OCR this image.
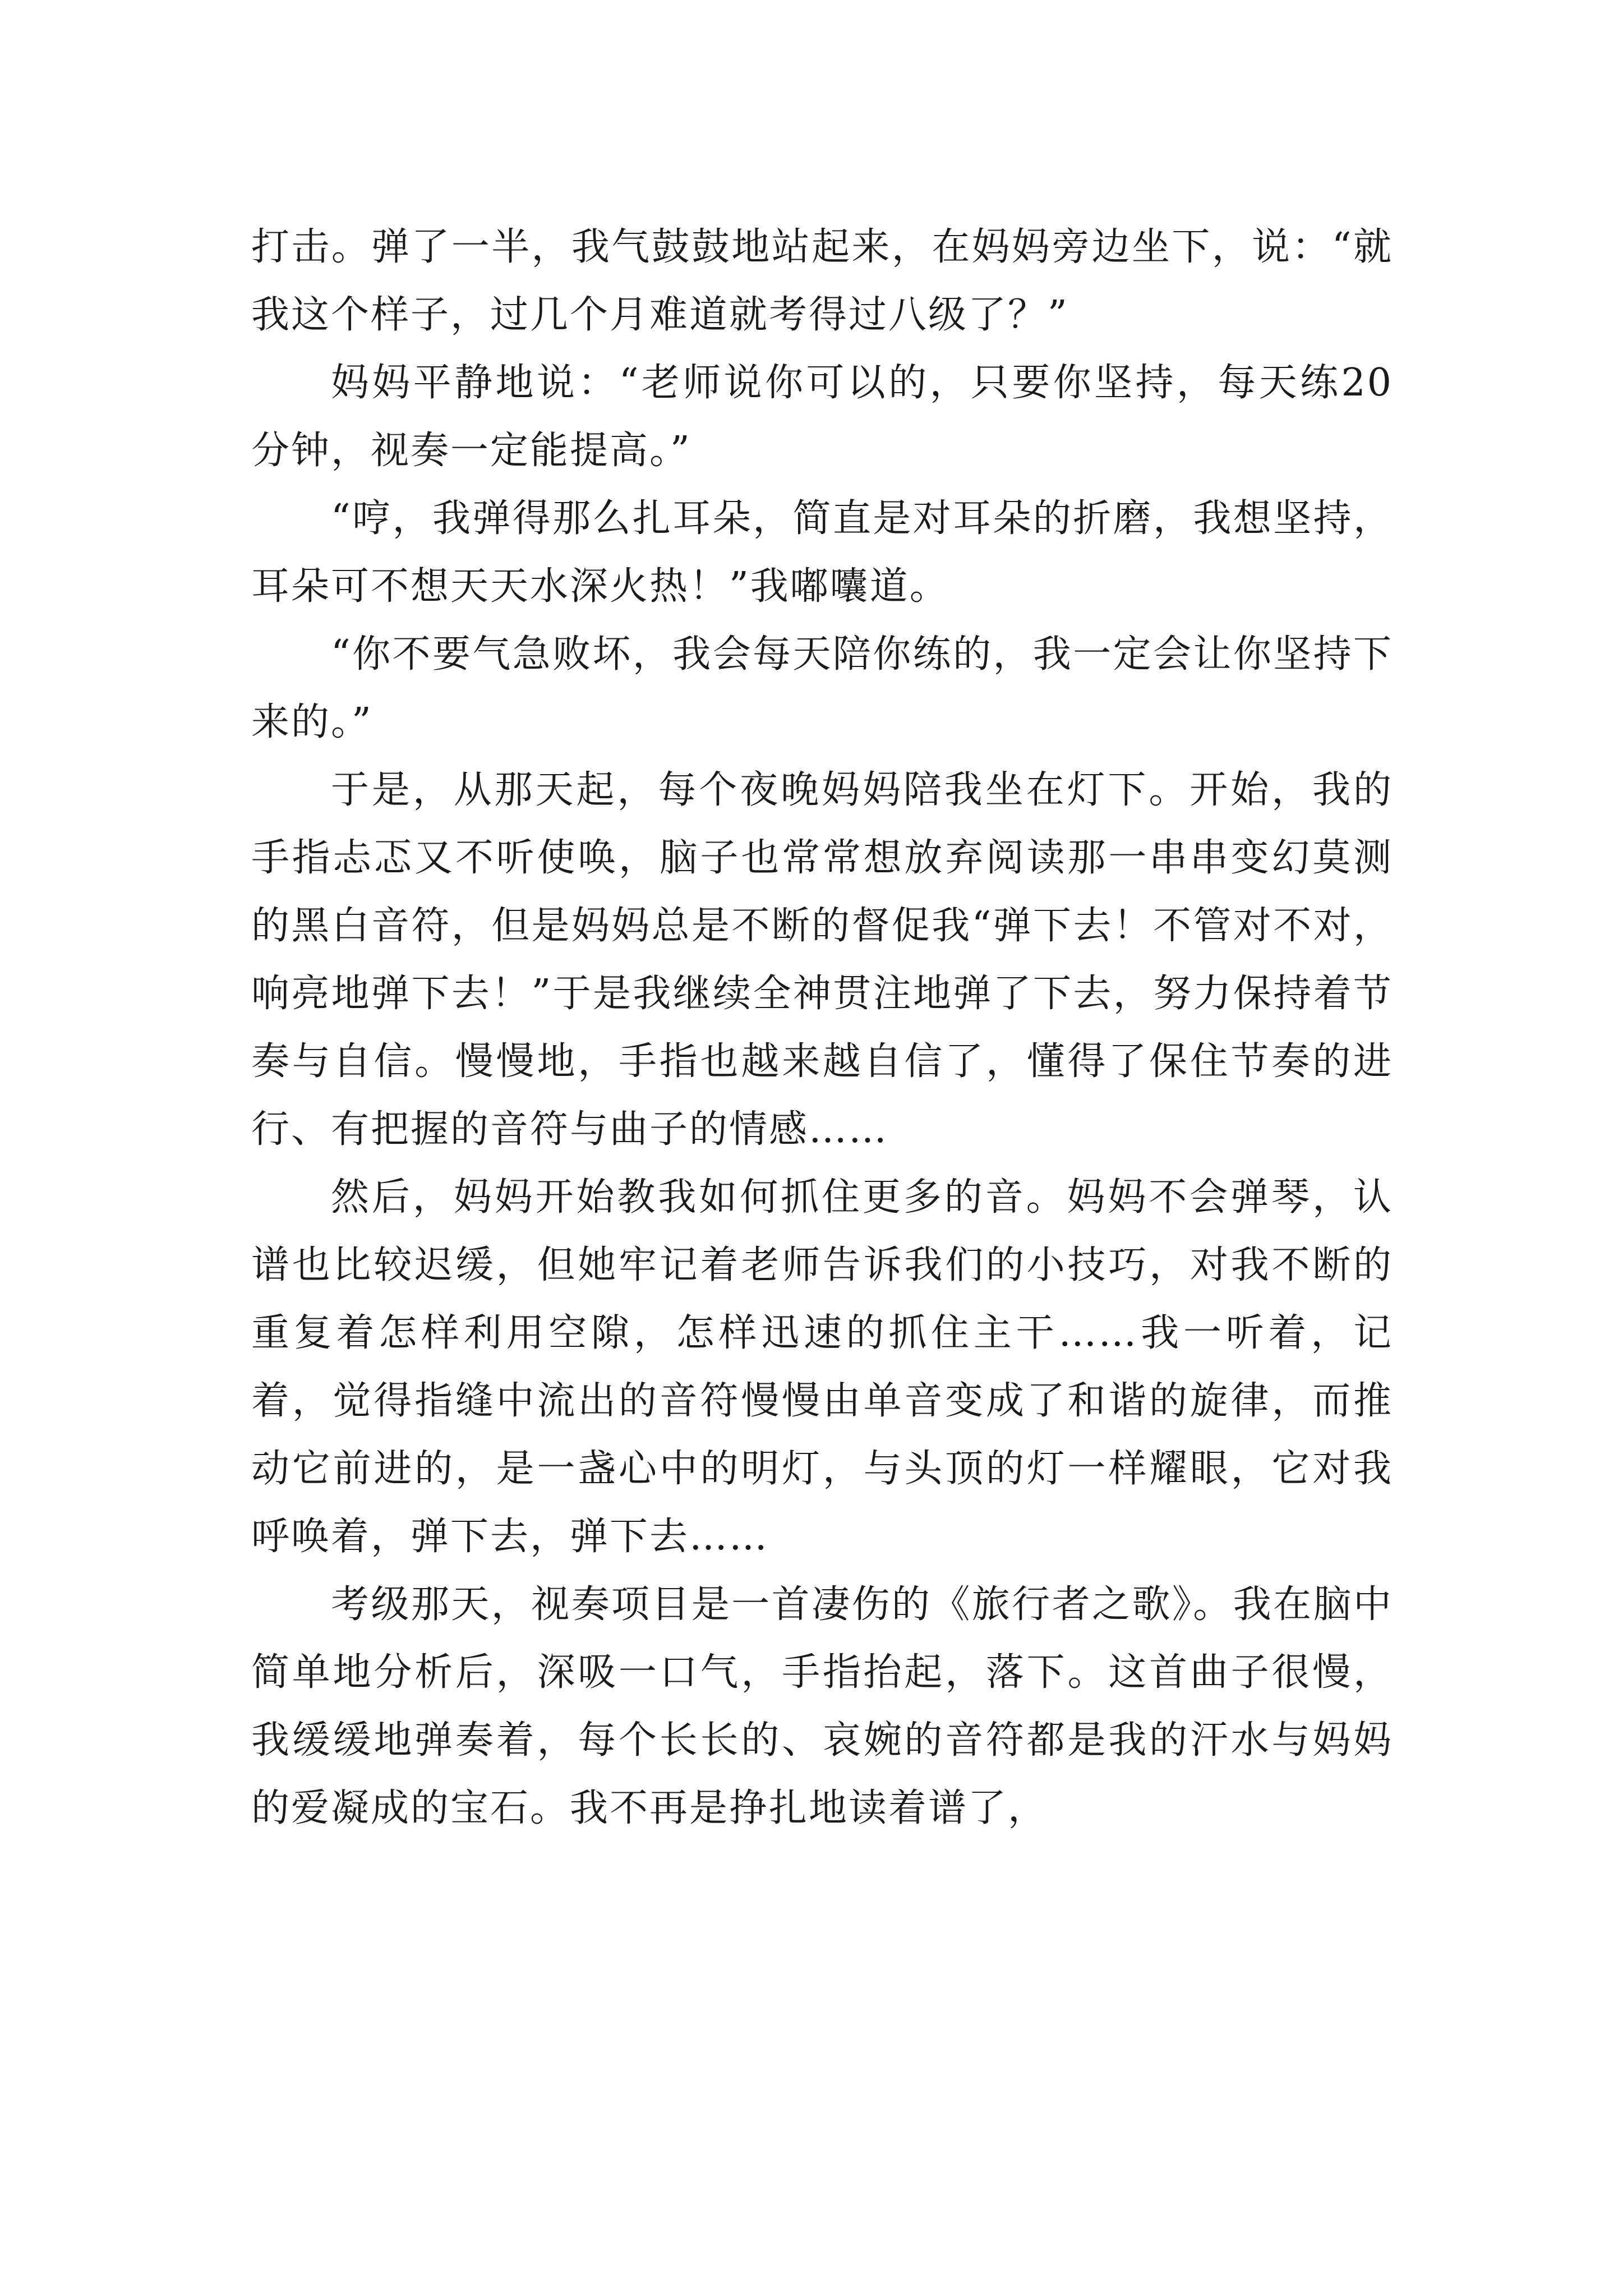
打击。弹了一半，我气鼓鼓地站起来，在妈妈旁边坐下，说：“就我这个样子，过几个月难道就考得过八级了？”

妈妈平静地说：“老师说你可以的，只要你坚持，每天练20分钟，视奏一定能提高。”

“哼，我弹得那么扎耳朵，简直是对耳朵的折磨，我想坚持，耳朵可不想天天水深火热！”我嘟囔道。

“你不要气急败坏，我会每天陪你练的，我一定会让你坚持下来的。”

于是，从那天起，每个夜晚妈妈陪我坐在灯下。开始，我的手指忐忑又不听使唤，脑子也常常想放弃阅读那一串串变幻莫测的黑白音符，但是妈妈总是不断的督促我“弹下去！不管对不对，响亮地弹下去！”于是我继续全神贯注地弹了下去，努力保持着节奏与自信。慢慢地，手指也越来越自信了，懂得了保住节奏的进行、有把握的音符与曲子的情感……

然后，妈妈开始教我如何抓住更多的音。妈妈不会弹琴，认谱也比较迟缓，但她牢记着老师告诉我们的小技巧，对我不断的重复着怎样利用空隙，怎样迅速的抓住主干……我一听着，记着，觉得指缝中流出的音符慢慢由单音变成了和谐的旋律，而推动它前进的，是一盏心中的明灯，与头顶的灯一样耀眼，它对我呼唤着，弹下去，弹下去……

考级那天，视奏项目是一首凄伤的《旅行者之歌》。我在脑中简单地分析后，深吸一口气，手指抬起，落下。这首曲子很慢，我缓缓地弹奏着，每个长长的、哀婉的音符都是我的汗水与妈妈的爱凝成的宝石。我不再是挣扎地读着谱了，
